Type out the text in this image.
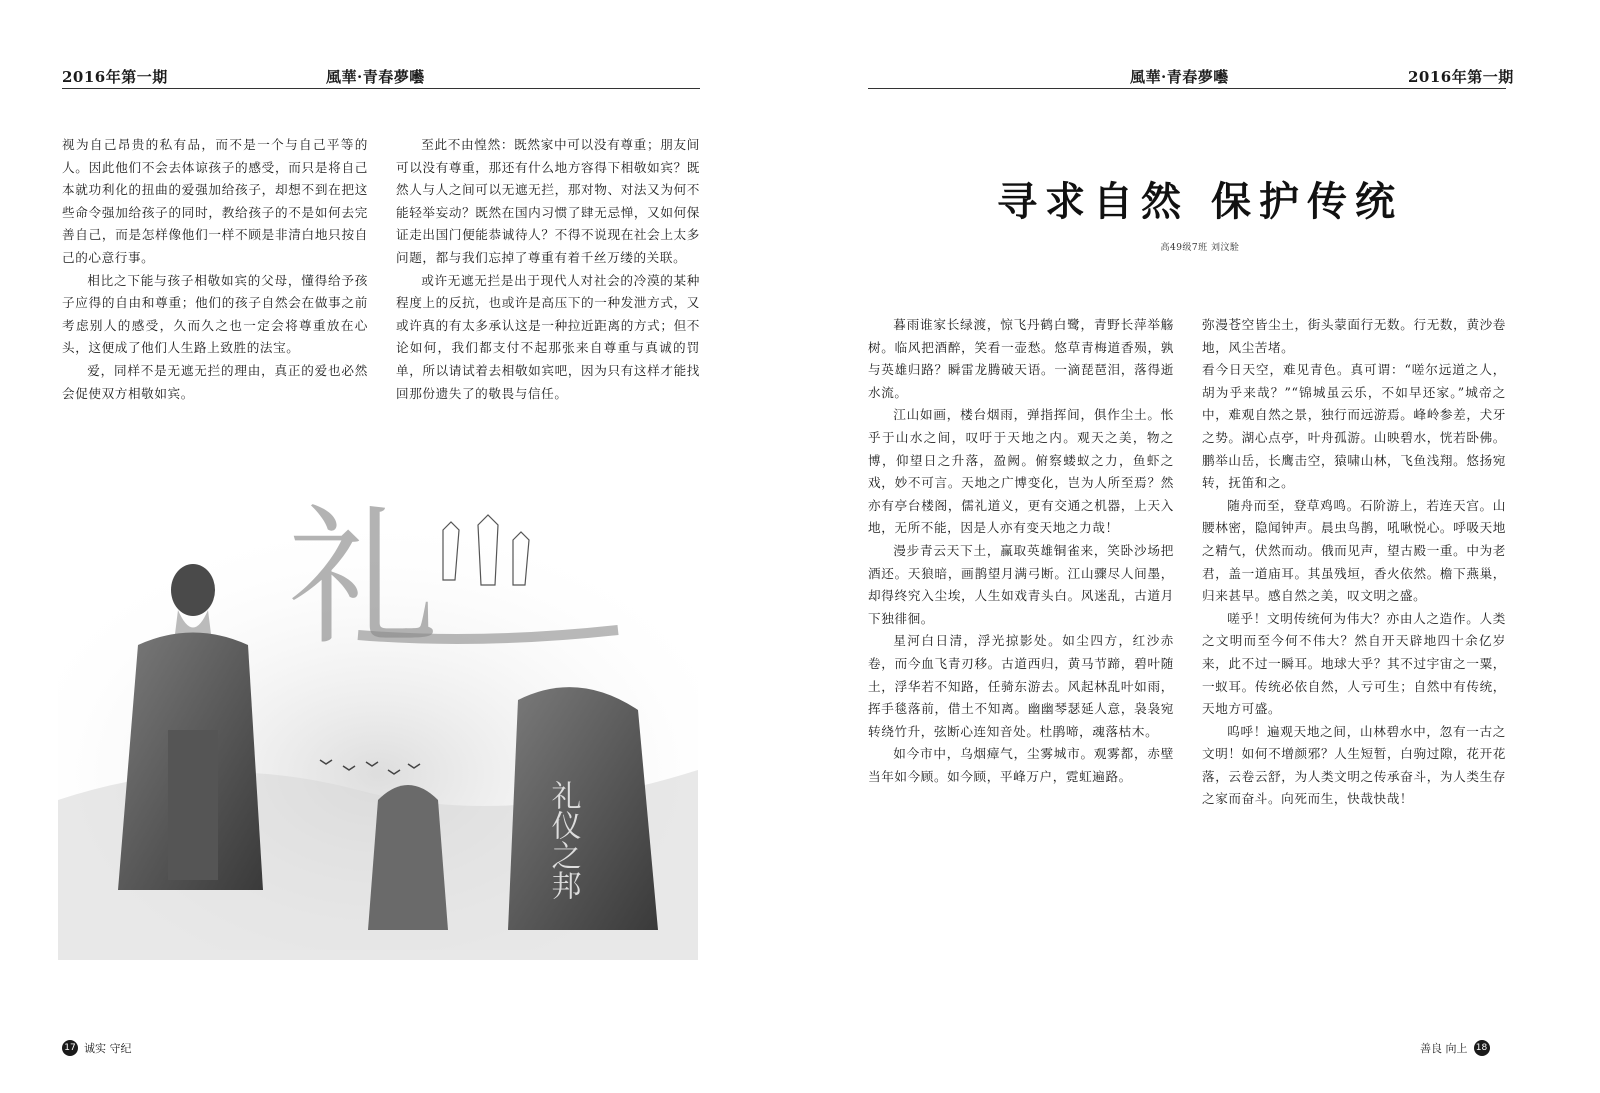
2016年第一期	風華·青春夢囈

视为自己昂贵的私有品，而不是一个与自己平等的人。因此他们不会去体谅孩子的感受，而只是将自己本就功利化的扭曲的爱强加给孩子，却想不到在把这些命令强加给孩子的同时，教给孩子的不是如何去完善自己，而是怎样像他们一样不顾是非清白地只按自己的心意行事。

相比之下能与孩子相敬如宾的父母，懂得给予孩子应得的自由和尊重；他们的孩子自然会在做事之前考虑别人的感受，久而久之也一定会将尊重放在心头，这便成了他们人生路上致胜的法宝。

爱，同样不是无遮无拦的理由，真正的爱也必然会促使双方相敬如宾。

至此不由惶然：既然家中可以没有尊重；朋友间可以没有尊重，那还有什么地方容得下相敬如宾？既然人与人之间可以无遮无拦，那对物、对法又为何不能轻举妄动？既然在国内习惯了肆无忌惮，又如何保证走出国门便能恭诚待人？不得不说现在社会上太多问题，都与我们忘掉了尊重有着千丝万缕的关联。

或许无遮无拦是出于现代人对社会的冷漠的某种程度上的反抗，也或许是高压下的一种发泄方式，又或许真的有太多承认这是一种拉近距离的方式；但不论如何，我们都支付不起那张来自尊重与真诚的罚单，所以请试着去相敬如宾吧，因为只有这样才能找回那份遗失了的敬畏与信任。

礼
礼仪之邦
17 诚实 守纪
風華·青春夢囈	2016年第一期

暮雨谁家长绿渡，惊飞丹鹤白鹭，青野长萍举觞树。临风把酒醉，笑看一壶愁。悠草青梅道香殒，孰与英雄归路？瞬雷龙腾破天语。一滴琵琶泪，落得逝水流。

江山如画，楼台烟雨，弹指挥间，俱作尘土。怅乎于山水之间，叹吁于天地之内。观天之美，物之博，仰望日之升落，盈阙。俯察蝼蚁之力，鱼虾之戏，妙不可言。天地之广博变化，岂为人所至焉？然亦有亭台楼阁，儒礼道义，更有交通之机器，上天入地，无所不能，因是人亦有变天地之力哉！

漫步青云天下土，赢取英雄铜雀来，笑卧沙场把酒还。天狼暗，画鹊望月满弓断。江山骤尽人间墨，却得终究入尘埃，人生如戏青头白。风迷乱，古道月下独徘徊。

星河白日清，浮光掠影处。如尘四方，红沙赤卷，而今血飞青刃移。古道西归，黄马节蹄，碧叶随土，浮华若不知路，任骑东游去。风起林乱叶如雨，挥手毯落前，借土不知离。幽幽琴瑟延人意，袅袅宛转绕竹升，弦断心连知音处。杜鹃啼，魂落枯木。

如今市中，乌烟瘴气，尘雾城市。观雾都，赤壁当年如今顾。如今顾，平峰万户，霓虹遍路。

弥漫苍空皆尘土，街头蒙面行无数。行无数，黄沙卷地，风尘苦堵。

看今日天空，难见青色。真可谓：“嗟尔远道之人，胡为乎来哉？”“锦城虽云乐，不如早还家。”城帝之中，难观自然之景，独行而远游焉。峰岭参差，犬牙之势。湖心点亭，叶舟孤游。山映碧水，恍若卧佛。鹏举山岳，长鹰击空，猿啸山林，飞鱼浅翔。悠扬宛转，抚笛和之。

随舟而至，登草鸡鸣。石阶游上，若连天宫。山腰林密，隐闻钟声。晨虫鸟鹊，吼啾悦心。呼吸天地之精气，伏然而动。俄而见声，望古殿一重。中为老君，盖一道庙耳。其虽残垣，香火依然。檐下燕巢，归来甚早。感自然之美，叹文明之盛。

嗟乎！文明传统何为伟大？亦由人之造作。人类之文明而至今何不伟大？然自开天辟地四十余亿岁来，此不过一瞬耳。地球大乎？其不过宇宙之一粟，一蚁耳。传统必依自然，人亏可生；自然中有传统，天地方可盛。

呜呼！遍观天地之间，山林碧水中，忽有一古之文明！如何不增颜邪？人生短暂，白驹过隙，花开花落，云卷云舒，为人类文明之传承奋斗，为人类生存之家而奋斗。向死而生，快哉快哉！

善良 向上 18
寻求自然 保护传统
高49级7班 刘汶駩
